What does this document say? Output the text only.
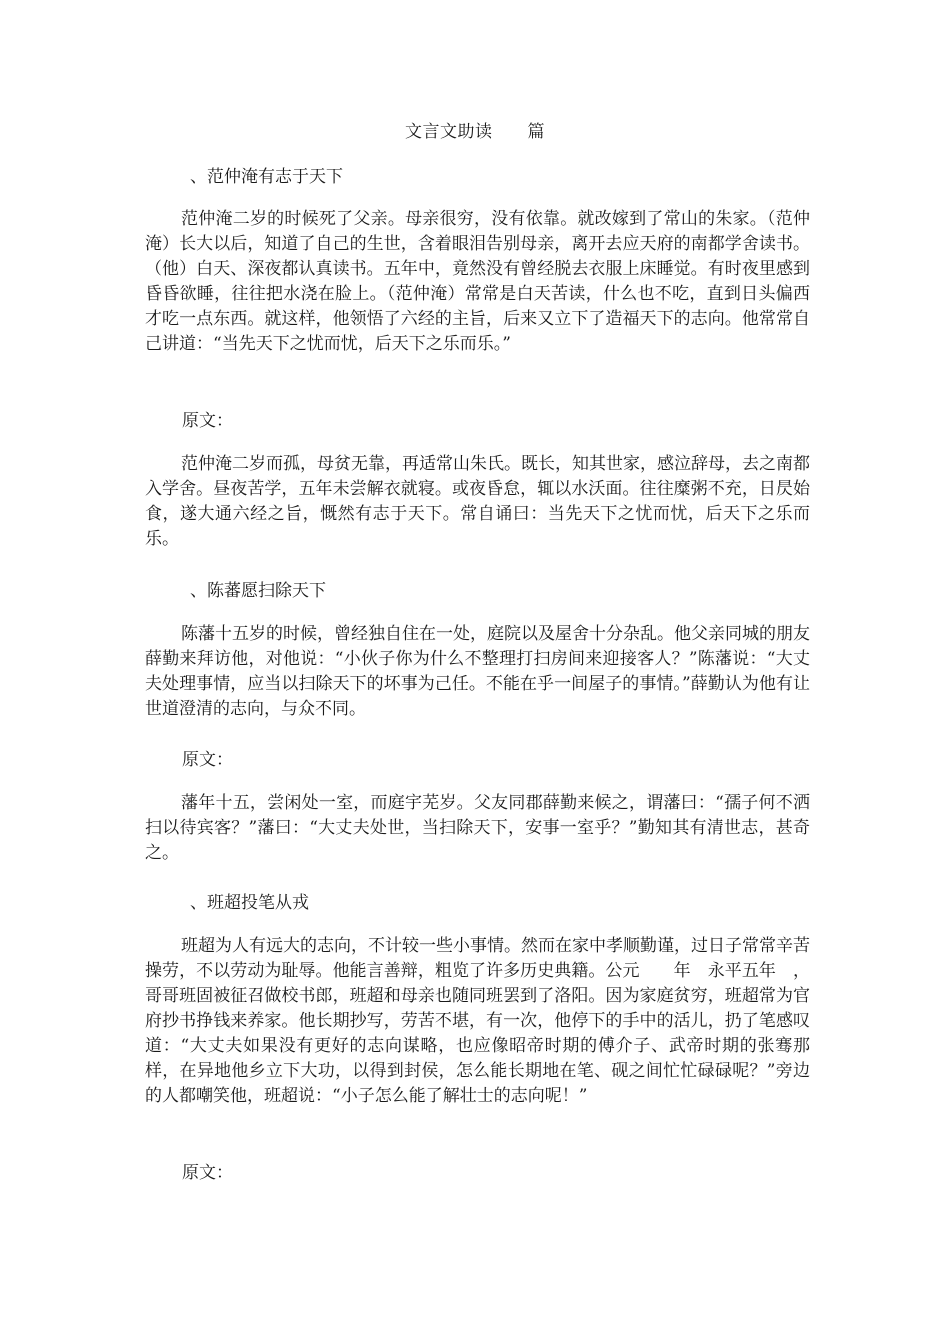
文言文助读　　篇
、范仲淹有志于天下

范仲淹二岁的时候死了父亲。母亲很穷，没有依靠。就改嫁到了常山的朱家。（范仲淹）长大以后，知道了自己的生世，含着眼泪告别母亲，离开去应天府的南都学舍读书。（他）白天、深夜都认真读书。五年中，竟然没有曾经脱去衣服上床睡觉。有时夜里感到昏昏欲睡，往往把水浇在脸上。（范仲淹）常常是白天苦读，什么也不吃，直到日头偏西才吃一点东西。就这样，他领悟了六经的主旨，后来又立下了造福天下的志向。他常常自己讲道：“当先天下之忧而忧，后天下之乐而乐。”

原文：

范仲淹二岁而孤，母贫无靠，再适常山朱氏。既长，知其世家，感泣辞母，去之南都入学舍。昼夜苦学，五年未尝解衣就寝。或夜昏怠，辄以水沃面。往往糜粥不充，日昃始食，遂大通六经之旨，慨然有志于天下。常自诵曰：当先天下之忧而忧，后天下之乐而乐。

、陈蕃愿扫除天下

陈藩十五岁的时候，曾经独自住在一处，庭院以及屋舍十分杂乱。他父亲同城的朋友薛勤来拜访他，对他说：“小伙子你为什么不整理打扫房间来迎接客人？”陈藩说：“大丈夫处理事情，应当以扫除天下的坏事为己任。不能在乎一间屋子的事情。”薛勤认为他有让世道澄清的志向，与众不同。

原文：

藩年十五，尝闲处一室，而庭宇芜岁。父友同郡薛勤来候之，谓藩曰：“孺子何不洒扫以待宾客？”藩曰：“大丈夫处世，当扫除天下，安事一室乎？”勤知其有清世志，甚奇之。

、班超投笔从戎

班超为人有远大的志向，不计较一些小事情。然而在家中孝顺勤谨，过日子常常辛苦操劳，不以劳动为耻辱。他能言善辩，粗览了许多历史典籍。公元　　年　永平五年　，哥哥班固被征召做校书郎，班超和母亲也随同班罢到了洛阳。因为家庭贫穷，班超常为官府抄书挣钱来养家。他长期抄写，劳苦不堪，有一次，他停下的手中的活儿，扔了笔感叹道：“大丈夫如果没有更好的志向谋略，也应像昭帝时期的傅介子、武帝时期的张骞那样，在异地他乡立下大功，以得到封侯，怎么能长期地在笔、砚之间忙忙碌碌呢？”旁边的人都嘲笑他，班超说：“小子怎么能了解壮士的志向呢！”

原文：
